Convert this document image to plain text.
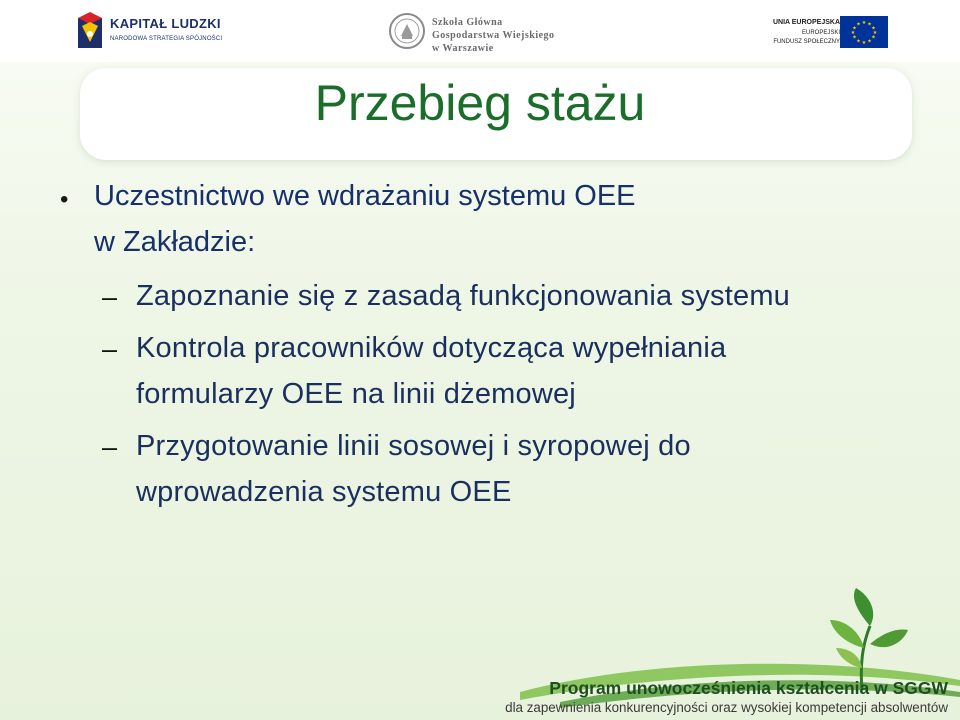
KAPITAŁ LUDZKI
NARODOWA STRATEGIA SPÓJNOŚCI
Szkoła Główna
Gospodarstwa Wiejskiego
w Warszawie
UNIA EUROPEJSKA
EUROPEJSKI
FUNDUSZ SPOŁECZNY
★ ★
★
★
★
★
★
★
★
★
★
★
Przebieg stażu
• Uczestnictwo we wdrażaniu systemu OEE
w Zakładzie:
– Zapoznanie się z zasadą funkcjonowania systemu
– Kontrola pracowników dotycząca wypełniania
formularzy OEE na linii dżemowej
– Przygotowanie linii sosowej i syropowej do
wprowadzenia systemu OEE
Program unowocześnienia kształcenia w SGGW
dla zapewnienia konkurencyjności oraz wysokiej kompetencji absolwentów
